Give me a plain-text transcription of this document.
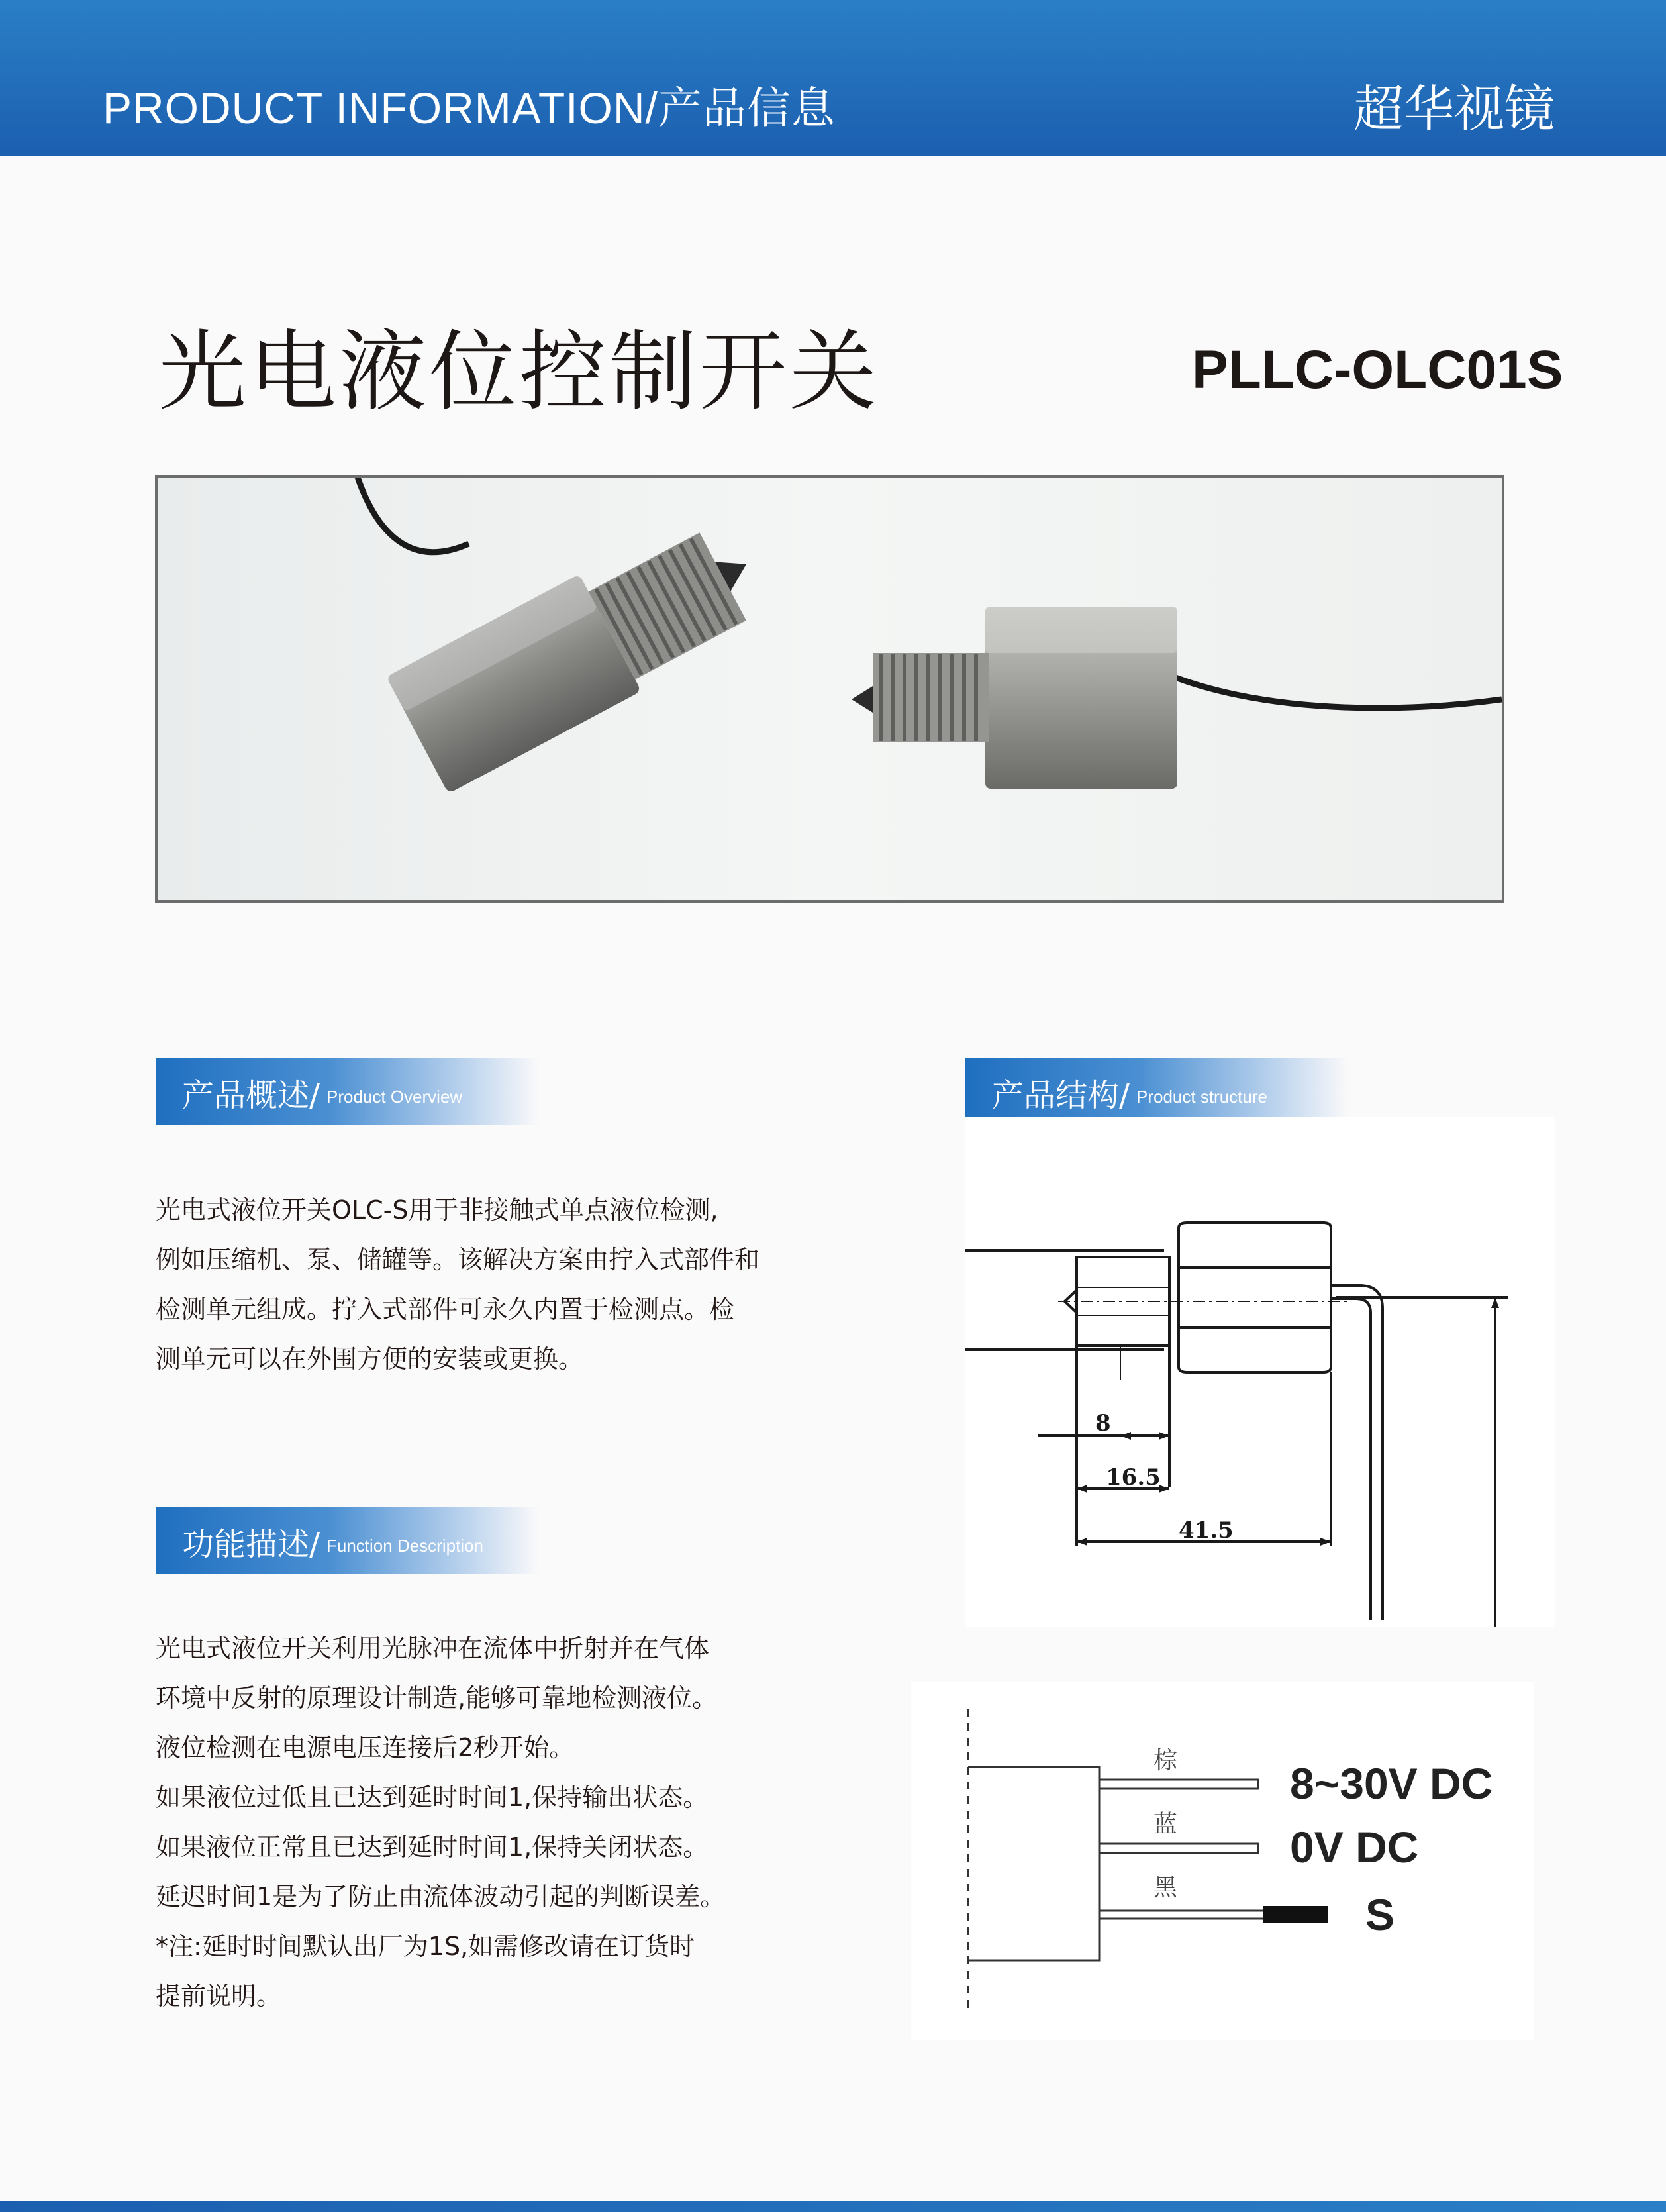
PRODUCT INFORMATION/产品信息	超华视镜
光电液位控制开关	PLLC-OLC01S
产品概述/ Product Overview

光电式液位开关OLC-S用于非接触式单点液位检测,

例如压缩机、泵、储罐等。该解决方案由拧入式部件和

检测单元组成。拧入式部件可永久内置于检测点。检

测单元可以在外围方便的安装或更换。

功能描述/ Function Description

光电式液位开关利用光脉冲在流体中折射并在气体

环境中反射的原理设计制造,能够可靠地检测液位。

液位检测在电源电压连接后2秒开始。

如果液位过低且已达到延时时间1,保持输出状态。

如果液位正常且已达到延时时间1,保持关闭状态。

延迟时间1是为了防止由流体波动引起的判断误差。

*注:延时时间默认出厂为1S,如需修改请在订货时

提前说明。

产品结构/ Product structure
8
16.5
41.5
棕
蓝
黑
8~30V DC
0V DC
S
